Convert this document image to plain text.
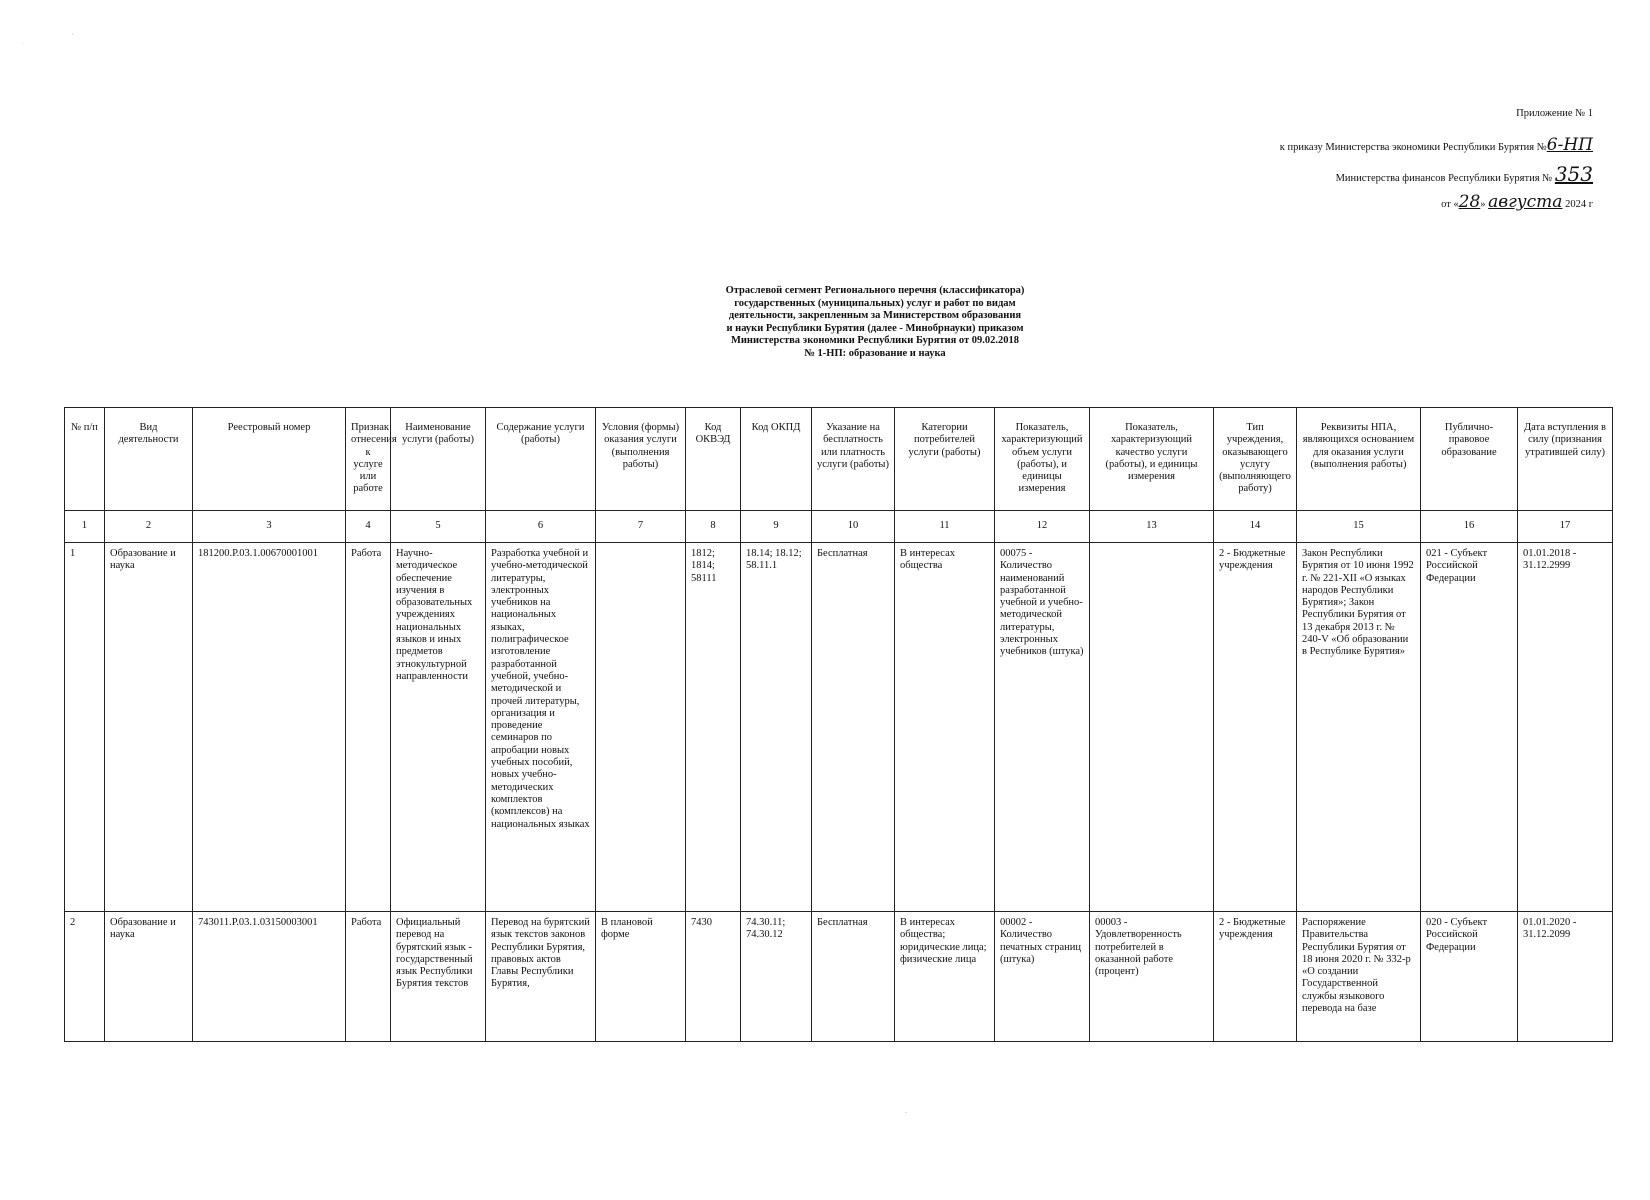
.
'
-
Приложение № 1
к приказу Министерства экономики Республики Бурятия №6-НП
Министерства финансов Республики Бурятия № 353
от «28» августа 2024 г
Отраслевой сегмент Регионального перечня (классификатора)
государственных (муниципальных) услуг и работ по видам
деятельности, закрепленным за Министерством образования
и науки Республики Бурятия (далее - Минобрнауки) приказом
Министерства экономики Республики Бурятия от 09.02.2018
№ 1-НП: образование и наука
№ п/п	Вид деятельности	Реестровый номер	Признак отнесения к услуге или работе	Наименование услуги (работы)	Содержание услуги (работы)	Условия (формы) оказания услуги (выполнения работы)	Код ОКВЭД	Код ОКПД	Указание на бесплатность или платность услуги (работы)	Категории потребителей услуги (работы)	Показатель, характеризующий объем услуги (работы), и единицы измерения	Показатель, характеризующий качество услуги (работы), и единицы измерения	Тип учреждения, оказывающего услугу (выполняющего работу)	Реквизиты НПА, являющихся основанием для оказания услуги (выполнения работы)	Публично-правовое образование	Дата вступления в силу (признания утратившей силу)
1	2	3	4	5	6	7	8	9	10	11	12	13	14	15	16	17
1	Образование и наука	181200.Р.03.1.00670001001	Работа	Научно-методическое обеспечение изучения в образовательных учреждениях национальных языков и иных предметов этнокультурной направленности	Разработка учебной и учебно-методической литературы, электронных учебников на национальных языках, полиграфическое изготовление разработанной учебной, учебно-методической и прочей литературы, организация и проведение семинаров по апробации новых учебных пособий, новых учебно-методических комплектов (комплексов) на национальных языках		1812; 1814; 58111	18.14; 18.12; 58.11.1	Бесплатная	В интересах общества	00075 - Количество наименований разработанной учебной и учебно-методической литературы, электронных учебников (штука)		2 - Бюджетные учреждения	Закон Республики Бурятия от 10 июня 1992 г. № 221-XII «О языках народов Республики Бурятия»; Закон Республики Бурятия от 13 декабря 2013 г. № 240-V «Об образовании в Республике Бурятия»	021 - Субъект Российской Федерации	01.01.2018 - 31.12.2999
2	Образование и наука	743011.Р.03.1.03150003001	Работа	Официальный перевод на бурятский язык - государственный язык Республики Бурятия текстов	Перевод на бурятский язык текстов законов Республики Бурятия, правовых актов Главы Республики Бурятия,	В плановой форме	7430	74.30.11; 74.30.12	Бесплатная	В интересах общества; юридические лица; физические лица	00002 - Количество печатных страниц (штука)	00003 - Удовлетворенность потребителей в оказанной работе (процент)	2 - Бюджетные учреждения	Распоряжение Правительства Республики Бурятия от 18 июня 2020 г. № 332-р «О создании Государственной службы языкового перевода на базе	020 - Субъект Российской Федерации	01.01.2020 - 31.12.2099
